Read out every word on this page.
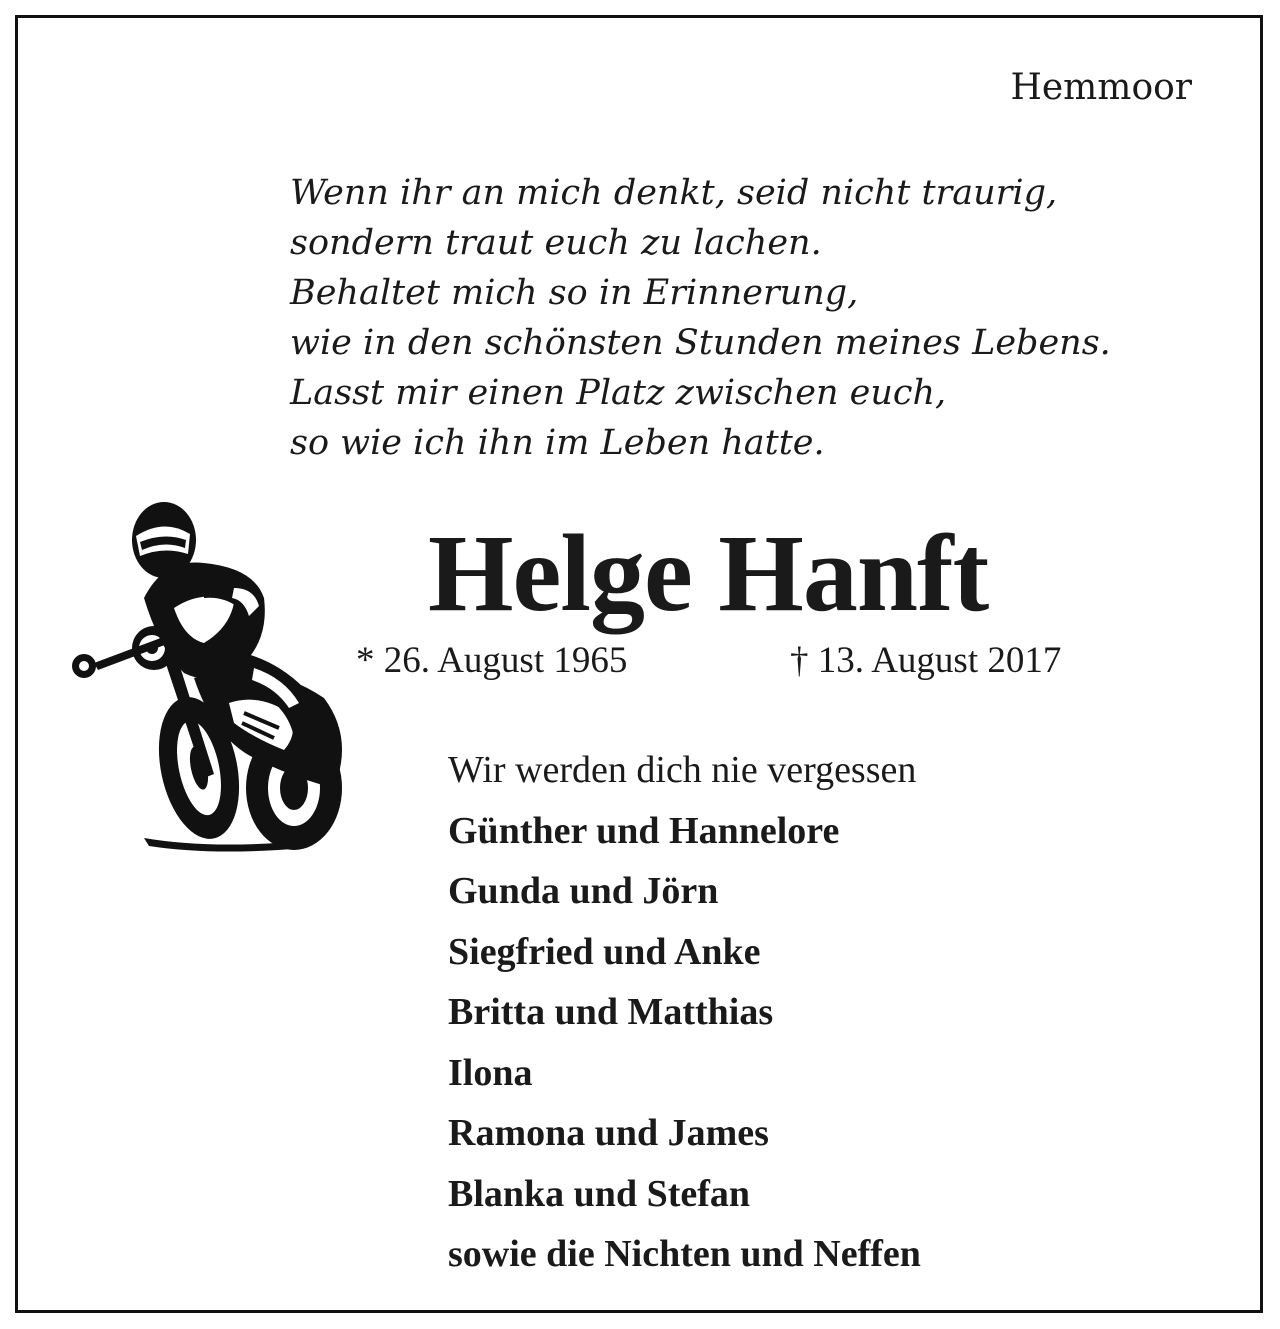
Hemmoor
Wenn ihr an mich denkt, seid nicht traurig,
sondern traut euch zu lachen.
Behaltet mich so in Erinnerung,
wie in den schönsten Stunden meines Lebens.
Lasst mir einen Platz zwischen euch,
so wie ich ihn im Leben hatte.
Helge Hanft
* 26. August 1965	† 13. August 2017
Wir werden dich nie vergessen
Günther und Hannelore
Gunda und Jörn
Siegfried und Anke
Britta und Matthias
Ilona
Ramona und James
Blanka und Stefan
sowie die Nichten und Neffen
